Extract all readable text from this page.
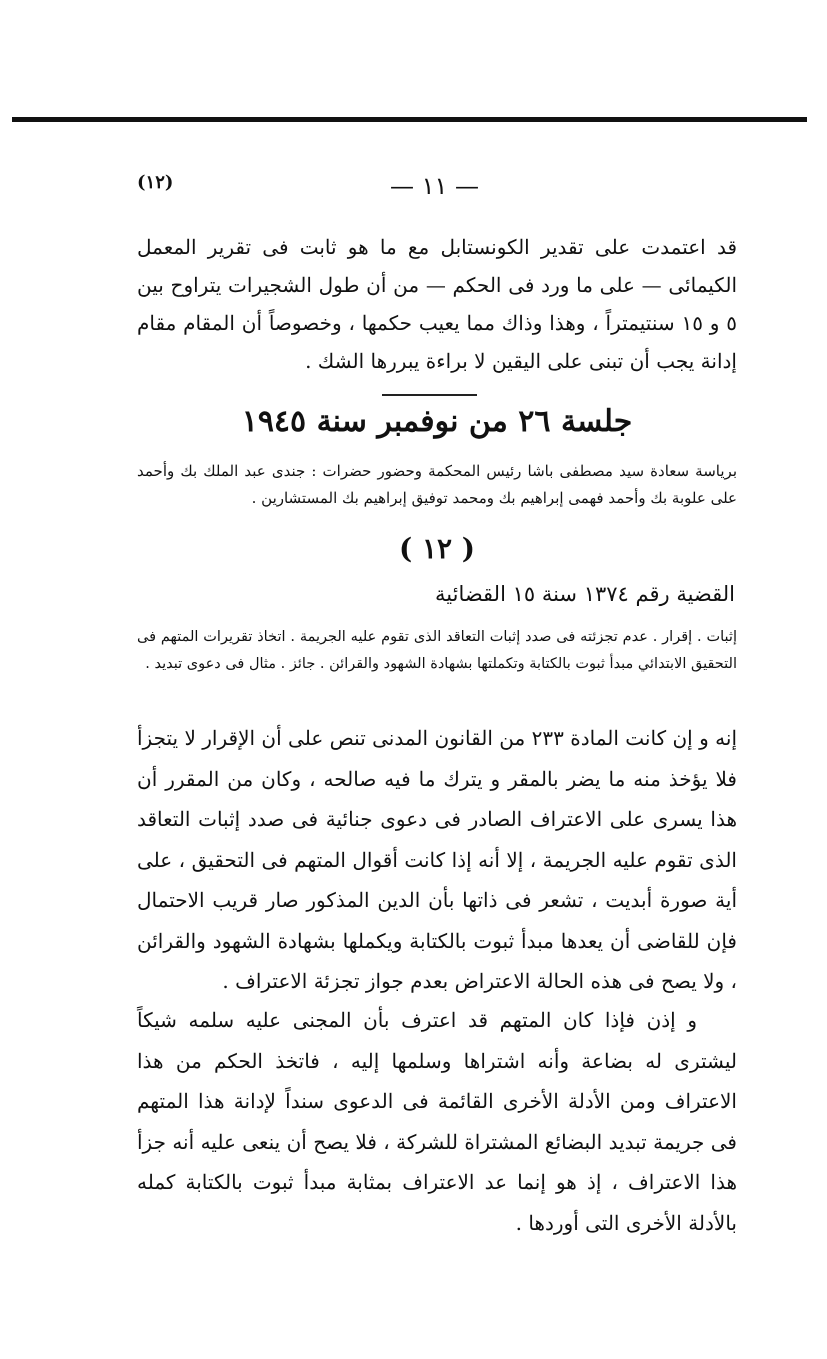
(١٢)	— ١١ —

قد اعتمدت على تقدير الكونستابل مع ما هو ثابت فى تقرير المعمل الكيمائى — على ما ورد فى الحكم — من أن طول الشجيرات يتراوح بين ٥ و ١٥ سنتيمتراً ، وهذا وذاك مما يعيب حكمها ، وخصوصاً أن المقام مقام إدانة يجب أن تبنى على اليقين لا براءة يبررها الشك .

جلسة ٢٦ من نوفمبر سنة ١٩٤٥

برياسة سعادة سيد مصطفى باشا رئيس المحكمة وحضور حضرات : جندى عبد الملك بك وأحمد على علوبة بك وأحمد فهمى إبراهيم بك ومحمد توفيق إبراهيم بك المستشارين .

( ١٢ )
القضية رقم ١٣٧٤ سنة ١٥ القضائية

إثبات . إقرار . عدم تجزئته فى صدد إثبات التعاقد الذى تقوم عليه الجريمة . اتخاذ تقريرات المتهم فى التحقيق الابتدائي مبدأ ثبوت بالكتابة وتكملتها بشهادة الشهود والقرائن . جائز . مثال فى دعوى تبديد .

إنه و إن كانت المادة ٢٣٣ من القانون المدنى تنص على أن الإقرار لا يتجزأ فلا يؤخذ منه ما يضر بالمقر و يترك ما فيه صالحه ، وكان من المقرر أن هذا يسرى على الاعتراف الصادر فى دعوى جنائية فى صدد إثبات التعاقد الذى تقوم عليه الجريمة ، إلا أنه إذا كانت أقوال المتهم فى التحقيق ، على أية صورة أبديت ، تشعر فى ذاتها بأن الدين المذكور صار قريب الاحتمال فإن للقاضى أن يعدها مبدأ ثبوت بالكتابة ويكملها بشهادة الشهود والقرائن ، ولا يصح فى هذه الحالة الاعتراض بعدم جواز تجزئة الاعتراف .

و إذن فإذا كان المتهم قد اعترف بأن المجنى عليه سلمه شيكاً ليشترى له بضاعة وأنه اشتراها وسلمها إليه ، فاتخذ الحكم من هذا الاعتراف ومن الأدلة الأخرى القائمة فى الدعوى سنداً لإدانة هذا المتهم فى جريمة تبديد البضائع المشتراة للشركة ، فلا يصح أن ينعى عليه أنه جزأ هذا الاعتراف ، إذ هو إنما عد الاعتراف بمثابة مبدأ ثبوت بالكتابة كمله بالأدلة الأخرى التى أوردها .
